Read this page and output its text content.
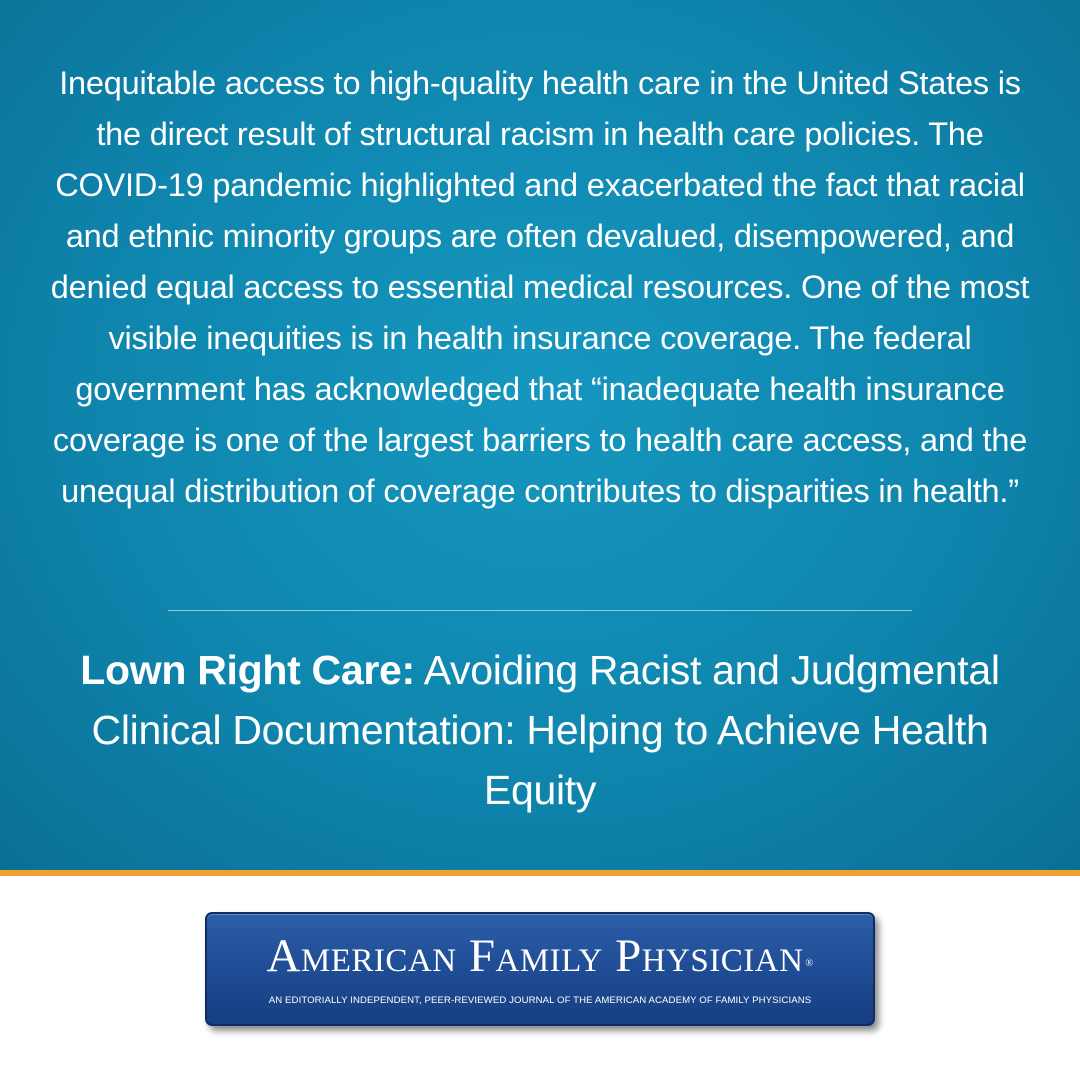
Inequitable access to high-quality health care in the United States is the direct result of structural racism in health care policies. The COVID-19 pandemic highlighted and exacerbated the fact that racial and ethnic minority groups are often devalued, disempowered, and denied equal access to essential medical resources. One of the most visible inequities is in health insurance coverage. The federal government has acknowledged that “inadequate health insurance coverage is one of the largest barriers to health care access, and the unequal distribution of coverage contributes to disparities in health.”

Lown Right Care: Avoiding Racist and Judgmental Clinical Documentation: Helping to Achieve Health Equity

American Family Physician ®
AN EDITORIALLY INDEPENDENT, PEER-REVIEWED JOURNAL OF THE AMERICAN ACADEMY OF FAMILY PHYSICIANS
